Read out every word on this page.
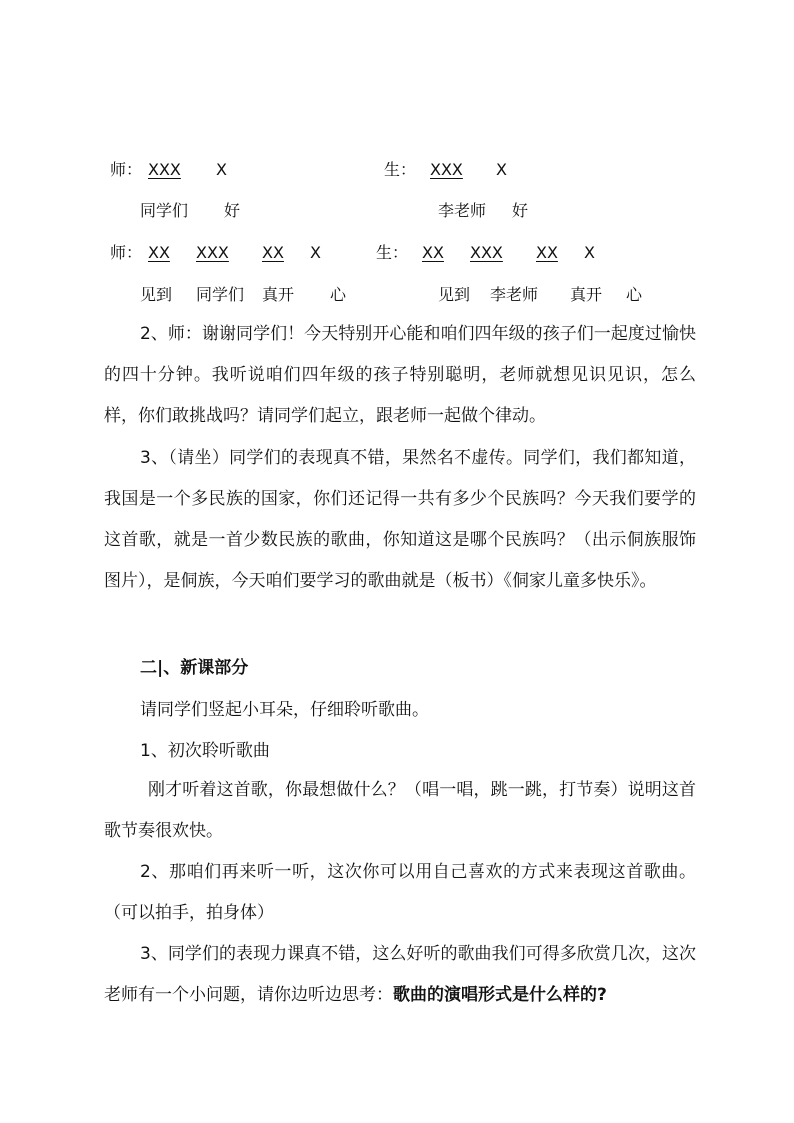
师： XXX X	生： XXX X
同学们 好	李老师 好
师： XX XXX XX X	生： XX XXX XX X
见到 同学们 真开 心	见到 李老师 真开 心
2、师：谢谢同学们！今天特别开心能和咱们四年级的孩子们一起度过愉快的四十分钟。我听说咱们四年级的孩子特别聪明，老师就想见识见识，怎么样，你们敢挑战吗？请同学们起立，跟老师一起做个律动。
3、（请坐）同学们的表现真不错，果然名不虚传。同学们，我们都知道，我国是一个多民族的国家，你们还记得一共有多少个民族吗？今天我们要学的这首歌，就是一首少数民族的歌曲，你知道这是哪个民族吗？（出示侗族服饰图片），是侗族，今天咱们要学习的歌曲就是（板书）《侗家儿童多快乐》。
二|、新课部分
请同学们竖起小耳朵，仔细聆听歌曲。
1、初次聆听歌曲
刚才听着这首歌，你最想做什么？（唱一唱，跳一跳，打节奏）说明这首歌节奏很欢快。
2、那咱们再来听一听，这次你可以用自己喜欢的方式来表现这首歌曲。（可以拍手，拍身体）
3、同学们的表现力课真不错，这么好听的歌曲我们可得多欣赏几次，这次老师有一个小问题，请你边听边思考：歌曲的演唱形式是什么样的?
